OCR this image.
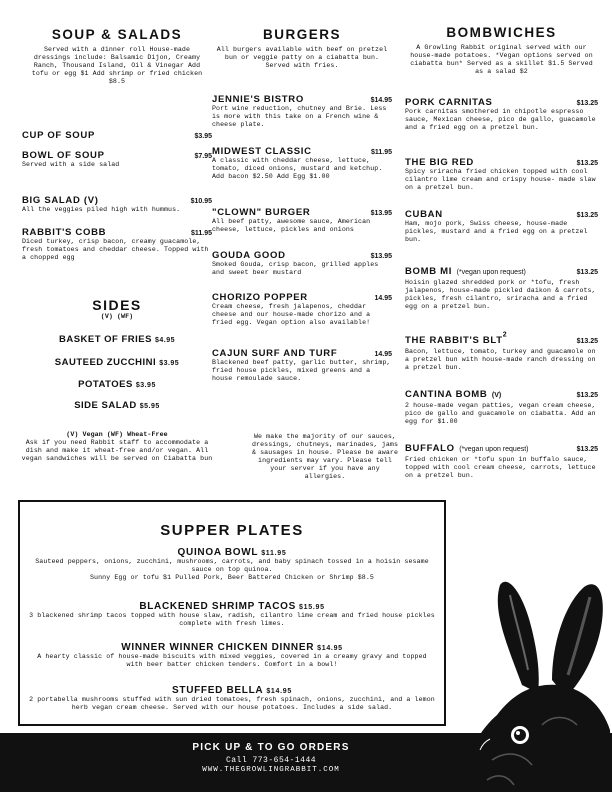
SOUP & SALADS
Served with a dinner roll House-made dressings include: Balsamic Dijon, Creamy Ranch, Thousand Island, Oil & Vinegar Add tofu or egg $1 Add shrimp or fried chicken $8.5
CUP OF SOUP	$3.95
BOWL OF SOUP	$7.95
Served with a side salad
BIG SALAD (V)	$10.95
All the veggies piled high with hummus.
RABBIT'S COBB	$11.95
Diced turkey, crisp bacon, creamy guacamole, fresh tomatoes and cheddar cheese. Topped with a chopped egg
SIDES
(V) (WF)
BASKET OF FRIES $4.95
SAUTEED ZUCCHINI $3.95
POTATOES $3.95
SIDE SALAD $5.95
(V) Vegan (WF) Wheat-Free
Ask if you need Rabbit staff to accommodate a dish and make it wheat-free and/or vegan. All vegan sandwiches will be served on Ciabatta bun
BURGERS
All burgers available with beef on pretzel bun or veggie patty on a ciabatta bun. Served with fries.
JENNIE'S BISTRO	$14.95
Port wine reduction, chutney and Brie. Less is more with this take on a French wine & cheese plate.
MIDWEST CLASSIC	$11.95
A classic with cheddar cheese, lettuce, tomato, diced onions, mustard and ketchup. Add bacon $2.50 Add Egg $1.00
"CLOWN" BURGER	$13.95
All beef patty, awesome sauce, American cheese, lettuce, pickles and onions
GOUDA GOOD	$13.95
Smoked Gouda, crisp bacon, grilled apples and sweet beer mustard
CHORIZO POPPER	14.95
Cream cheese, fresh jalapenos, cheddar cheese and our house-made chorizo and a fried egg. Vegan option also available!
CAJUN SURF AND TURF	14.95
Blackened beef patty, garlic butter, shrimp, fried house pickles, mixed greens and a house remoulade sauce.
We make the majority of our sauces, dressings, chutneys, marinades, jams & sausages in house. Please be aware ingredients may vary. Please tell your server if you have any allergies.
BOMBWICHES
A Growling Rabbit original served with our house-made potatoes. *Vegan options served on ciabatta bun* Served as a skillet $1.5 Served as a salad $2
PORK CARNITAS	$13.25
Pork carnitas smothered in chipotle espresso sauce, Mexican cheese, pico de gallo, guacamole and a fried egg on a pretzel bun.
THE BIG RED	$13.25
Spicy sriracha fried chicken topped with cool cilantro lime cream and crispy house- made slaw on a pretzel bun.
CUBAN	$13.25
Ham, mojo pork, Swiss cheese, house-made pickles, mustard and a fried egg on a pretzel bun.
BOMB MI (*vegan upon request)	$13.25
Hoisin glazed shredded pork or *tofu, fresh jalapenos, house-made pickled daikon & carrots, pickles, fresh cilantro, sriracha and a fried egg on a pretzel bun.
THE RABBIT'S BLT$^2$
$13.25
Bacon, lettuce, tomato, turkey and guacamole on a pretzel bun with house-made ranch dressing on a pretzel bun.
CANTINA BOMB (V)	$13.25
2 house-made vegan patties, vegan cream cheese, pico de gallo and guacamole on ciabatta. Add an egg for $1.00
BUFFALO (*vegan upon request)	$13.25
Fried chicken or *tofu spun in buffalo sauce, topped with cool cream cheese, carrots, lettuce on a pretzel bun.
SUPPER PLATES
QUINOA BOWL $11.95
Sauteed peppers, onions, zucchini, mushrooms, carrots, and baby spinach tossed in a hoisin sesame sauce on top quinoa.
Sunny Egg or tofu $1 Pulled Pork, Beer Battered Chicken or Shrimp $8.5
BLACKENED SHRIMP TACOS $15.95
3 blackened shrimp tacos topped with house slaw, radish, cilantro lime cream and fried house pickles complete with fresh limes.
WINNER WINNER CHICKEN DINNER $14.95
A hearty classic of house-made biscuits with mixed veggies, covered in a creamy gravy and topped with beer batter chicken tenders. Comfort in a bowl!
STUFFED BELLA $14.95
2 portabella mushrooms stuffed with sun dried tomatoes, fresh spinach, onions, zucchini, and a lemon herb vegan cream cheese. Served with our house potatoes. Includes a side salad.
PICK UP & TO GO ORDERS
Call 773-654-1444
WWW.THEGROWLINGRABBIT.COM
